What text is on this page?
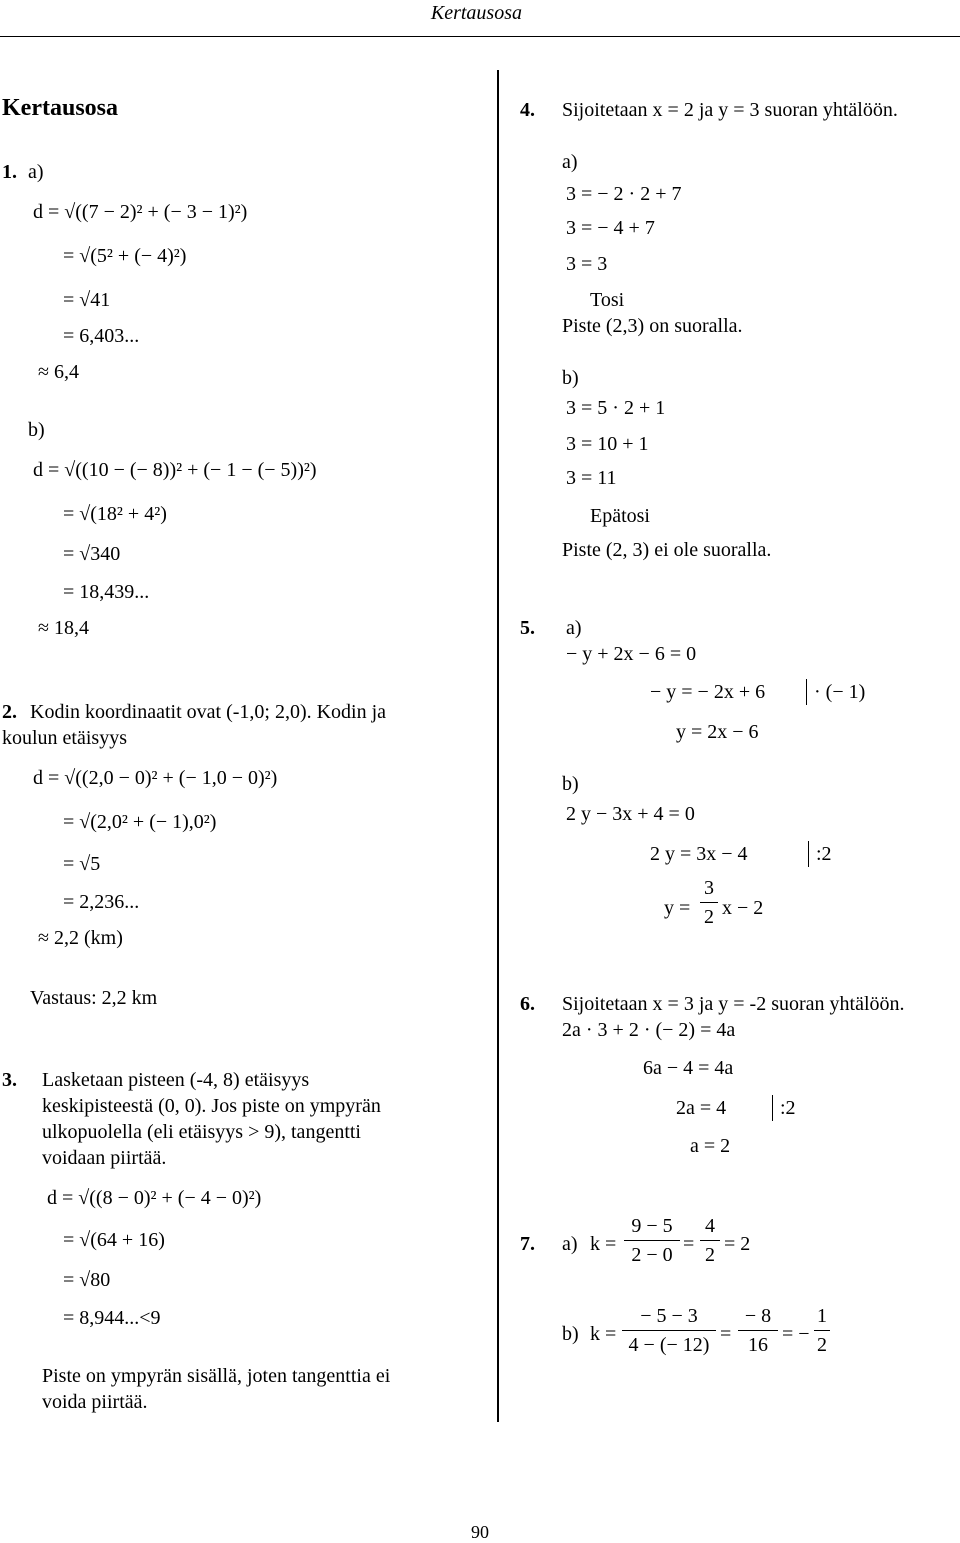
Kertausosa
Kertausosa
1. a)
d = √((7 − 2)² + (− 3 − 1)²)
= √(5² + (− 4)²)
= √41
= 6,403...
≈ 6,4
b)
d = √((10 − (− 8))² + (− 1 − (− 5))²)
= √(18² + 4²)
= √340
= 18,439...
≈ 18,4
2. Kodin koordinaatit ovat (-1,0; 2,0). Kodin ja
koulun etäisyys
d = √((2,0 − 0)² + (− 1,0 − 0)²)
= √(2,0² + (− 1),0²)
= √5
= 2,236...
≈ 2,2 (km)
Vastaus: 2,2 km
3. Lasketaan pisteen (-4, 8) etäisyys
keskipisteestä (0, 0). Jos piste on ympyrän
ulkopuolella (eli etäisyys > 9), tangentti
voidaan piirtää.
d = √((8 − 0)² + (− 4 − 0)²)
= √(64 + 16)
= √80
= 8,944...<9
Piste on ympyrän sisällä, joten tangenttia ei
voida piirtää.
4. Sijoitetaan x = 2 ja y = 3 suoran yhtälöön.
a)
3 = − 2 · 2 + 7
3 = − 4 + 7
3 = 3
Tosi
Piste (2,3) on suoralla.
b)
3 = 5 · 2 + 1
3 = 10 + 1
3 = 11
Epätosi
Piste (2, 3) ei ole suoralla.
5. a)
− y + 2x − 6 = 0
− y = − 2x + 6 · (− 1)
y = 2x − 6
b)
2 y − 3x + 4 = 0
2 y = 3x − 4	:2
y =
3
2 x − 2
6. Sijoitetaan x = 3 ja y = -2 suoran yhtälöön.
2a · 3 + 2 · (− 2) = 4a
6a − 4 = 4a
2a = 4	:2
a = 2
7. a) k =
9 − 5
2 − 0 =
4
2 = 2
b) k =
− 5 − 3
4 − (− 12) =
− 8
16 = −
1
2
90
